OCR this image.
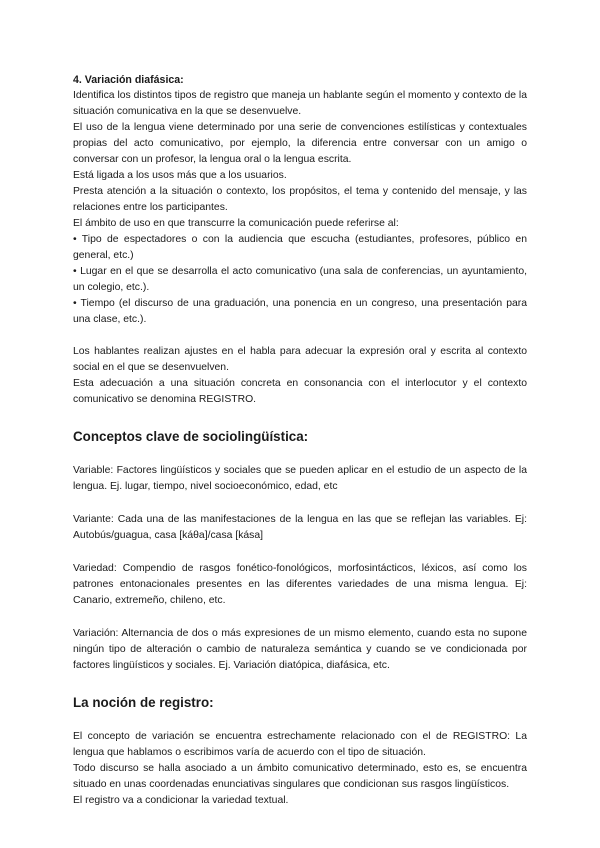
4. Variación diafásica:

Identifica los distintos tipos de registro que maneja un hablante según el momento y contexto de la situación comunicativa en la que se desenvuelve.

El uso de la lengua viene determinado por una serie de convenciones estilísticas y contextuales propias del acto comunicativo, por ejemplo, la diferencia entre conversar con un amigo o conversar con un profesor, la lengua oral o la lengua escrita.

Está ligada a los usos más que a los usuarios.

Presta atención a la situación o contexto, los propósitos, el tema y contenido del mensaje, y las relaciones entre los participantes.

El ámbito de uso en que transcurre la comunicación puede referirse al:

• Tipo de espectadores o con la audiencia que escucha (estudiantes, profesores, público en general, etc.)

• Lugar en el que se desarrolla el acto comunicativo (una sala de conferencias, un ayuntamiento, un colegio, etc.).

• Tiempo (el discurso de una graduación, una ponencia en un congreso, una presentación para una clase, etc.).

Los hablantes realizan ajustes en el habla para adecuar la expresión oral y escrita al contexto social en el que se desenvuelven.

Esta adecuación a una situación concreta en consonancia con el interlocutor y el contexto comunicativo se denomina REGISTRO.

Conceptos clave de sociolingüística:

Variable: Factores lingüísticos y sociales que se pueden aplicar en el estudio de un aspecto de la lengua. Ej. lugar, tiempo, nivel socioeconómico, edad, etc

Variante: Cada una de las manifestaciones de la lengua en las que se reflejan las variables. Ej: Autobús/guagua, casa [káθa]/casa [kása]

Variedad: Compendio de rasgos fonético-fonológicos, morfosintácticos, léxicos, así como los patrones entonacionales presentes en las diferentes variedades de una misma lengua. Ej: Canario, extremeño, chileno, etc.

Variación: Alternancia de dos o más expresiones de un mismo elemento, cuando esta no supone ningún tipo de alteración o cambio de naturaleza semántica y cuando se ve condicionada por factores lingüísticos y sociales. Ej. Variación diatópica, diafásica, etc.

La noción de registro:

El concepto de variación se encuentra estrechamente relacionado con el de REGISTRO: La lengua que hablamos o escribimos varía de acuerdo con el tipo de situación.

Todo discurso se halla asociado a un ámbito comunicativo determinado, esto es, se encuentra situado en unas coordenadas enunciativas singulares que condicionan sus rasgos lingüísticos.

El registro va a condicionar la variedad textual.
